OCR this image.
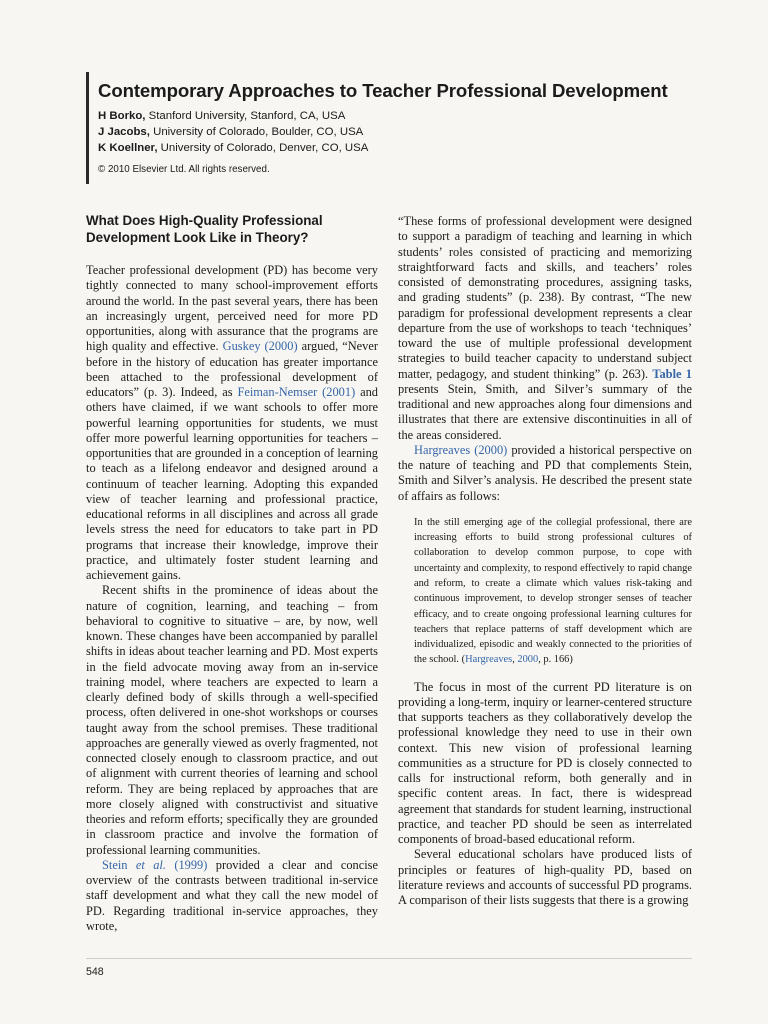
Contemporary Approaches to Teacher Professional Development
H Borko, Stanford University, Stanford, CA, USA
J Jacobs, University of Colorado, Boulder, CO, USA
K Koellner, University of Colorado, Denver, CO, USA
© 2010 Elsevier Ltd. All rights reserved.
What Does High-Quality Professional Development Look Like in Theory?

Teacher professional development (PD) has become very tightly connected to many school-improvement efforts around the world. In the past several years, there has been an increasingly urgent, perceived need for more PD opportunities, along with assurance that the programs are high quality and effective. Guskey (2000) argued, “Never before in the history of education has greater importance been attached to the professional development of educators” (p. 3). Indeed, as Feiman-Nemser (2001) and others have claimed, if we want schools to offer more powerful learning opportunities for students, we must offer more powerful learning opportunities for teachers – opportunities that are grounded in a conception of learning to teach as a lifelong endeavor and designed around a continuum of teacher learning. Adopting this expanded view of teacher learning and professional practice, educational reforms in all disciplines and across all grade levels stress the need for educators to take part in PD programs that increase their knowledge, improve their practice, and ultimately foster student learning and achievement gains.

Recent shifts in the prominence of ideas about the nature of cognition, learning, and teaching – from behavioral to cognitive to situative – are, by now, well known. These changes have been accompanied by parallel shifts in ideas about teacher learning and PD. Most experts in the field advocate moving away from an in-service training model, where teachers are expected to learn a clearly defined body of skills through a well-specified process, often delivered in one-shot workshops or courses taught away from the school premises. These traditional approaches are generally viewed as overly fragmented, not connected closely enough to classroom practice, and out of alignment with current theories of learning and school reform. They are being replaced by approaches that are more closely aligned with constructivist and situative theories and reform efforts; specifically they are grounded in classroom practice and involve the formation of professional learning communities.

Stein et al. (1999) provided a clear and concise overview of the contrasts between traditional in-service staff development and what they call the new model of PD. Regarding traditional in-service approaches, they wrote,

“These forms of professional development were designed to support a paradigm of teaching and learning in which students’ roles consisted of practicing and memorizing straightforward facts and skills, and teachers’ roles consisted of demonstrating procedures, assigning tasks, and grading students” (p. 238). By contrast, “The new paradigm for professional development represents a clear departure from the use of workshops to teach ‘techniques’ toward the use of multiple professional development strategies to build teacher capacity to understand subject matter, pedagogy, and student thinking” (p. 263). Table 1 presents Stein, Smith, and Silver’s summary of the traditional and new approaches along four dimensions and illustrates that there are extensive discontinuities in all of the areas considered.

Hargreaves (2000) provided a historical perspective on the nature of teaching and PD that complements Stein, Smith and Silver’s analysis. He described the present state of affairs as follows:

In the still emerging age of the collegial professional, there are increasing efforts to build strong professional cultures of collaboration to develop common purpose, to cope with uncertainty and complexity, to respond effectively to rapid change and reform, to create a climate which values risk-taking and continuous improvement, to develop stronger senses of teacher efficacy, and to create ongoing professional learning cultures for teachers that replace patterns of staff development which are individualized, episodic and weakly connected to the priorities of the school. (Hargreaves, 2000, p. 166)

The focus in most of the current PD literature is on providing a long-term, inquiry or learner-centered structure that supports teachers as they collaboratively develop the professional knowledge they need to use in their own context. This new vision of professional learning communities as a structure for PD is closely connected to calls for instructional reform, both generally and in specific content areas. In fact, there is widespread agreement that standards for student learning, instructional practice, and teacher PD should be seen as interrelated components of broad-based educational reform.

Several educational scholars have produced lists of principles or features of high-quality PD, based on literature reviews and accounts of successful PD programs. A comparison of their lists suggests that there is a growing

548
